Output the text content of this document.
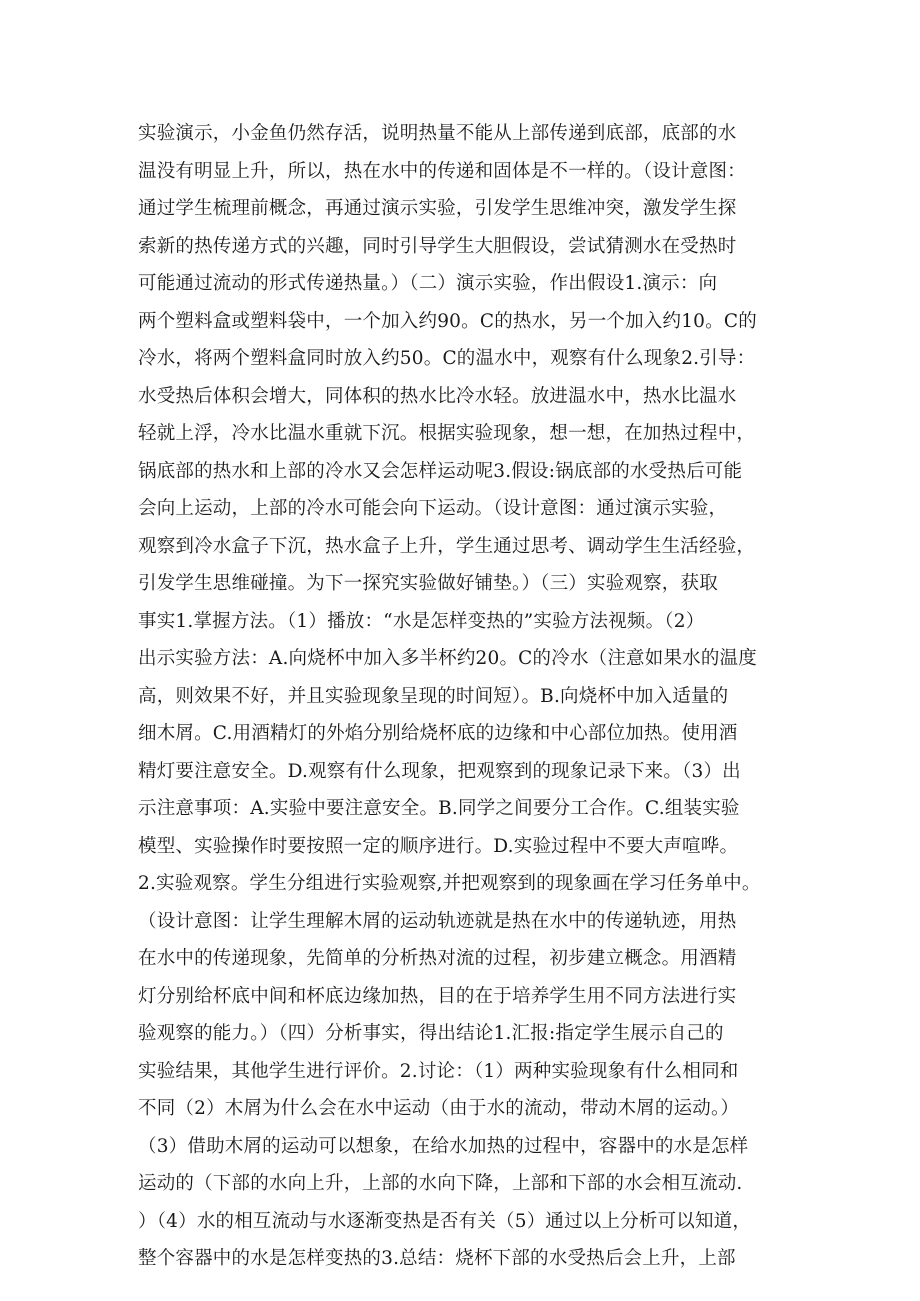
实验演示，小金鱼仍然存活，说明热量不能从上部传递到底部，底部的水
温没有明显上升，所以，热在水中的传递和固体是不一样的。（设计意图：
通过学生梳理前概念，再通过演示实验，引发学生思维冲突，激发学生探
索新的热传递方式的兴趣，同时引导学生大胆假设，尝试猜测水在受热时
可能通过流动的形式传递热量。）（二）演示实验，作出假设1.演示：向
两个塑料盒或塑料袋中，一个加入约90。C的热水，另一个加入约10。C的
冷水，将两个塑料盒同时放入约50。C的温水中，观察有什么现象2.引导：
水受热后体积会增大，同体积的热水比冷水轻。放进温水中，热水比温水
轻就上浮，冷水比温水重就下沉。根据实验现象，想一想，在加热过程中，
锅底部的热水和上部的冷水又会怎样运动呢3.假设:锅底部的水受热后可能
会向上运动，上部的冷水可能会向下运动。（设计意图：通过演示实验，
观察到冷水盒子下沉，热水盒子上升，学生通过思考、调动学生生活经验，
引发学生思维碰撞。为下一探究实验做好铺垫。）（三）实验观察，获取
事实1.掌握方法。（1）播放：“水是怎样变热的”实验方法视频。（2）
出示实验方法：A.向烧杯中加入多半杯约20。C的冷水（注意如果水的温度
高，则效果不好，并且实验现象呈现的时间短）。B.向烧杯中加入适量的
细木屑。C.用酒精灯的外焰分别给烧杯底的边缘和中心部位加热。使用酒
精灯要注意安全。D.观察有什么现象，把观察到的现象记录下来。（3）出
示注意事项：A.实验中要注意安全。B.同学之间要分工合作。C.组装实验
模型、实验操作时要按照一定的顺序进行。D.实验过程中不要大声喧哗。
2.实验观察。学生分组进行实验观察,并把观察到的现象画在学习任务单中。
（设计意图：让学生理解木屑的运动轨迹就是热在水中的传递轨迹，用热
在水中的传递现象，先简单的分析热对流的过程，初步建立概念。用酒精
灯分别给杯底中间和杯底边缘加热，目的在于培养学生用不同方法进行实
验观察的能力。）（四）分析事实，得出结论1.汇报:指定学生展示自己的
实验结果，其他学生进行评价。2.讨论：（1）两种实验现象有什么相同和
不同（2）木屑为什么会在水中运动（由于水的流动，带动木屑的运动。）
（3）借助木屑的运动可以想象，在给水加热的过程中，容器中的水是怎样
运动的（下部的水向上升，上部的水向下降，上部和下部的水会相互流动.
）（4）水的相互流动与水逐渐变热是否有关（5）通过以上分析可以知道，
整个容器中的水是怎样变热的3.总结：烧杯下部的水受热后会上升，上部
